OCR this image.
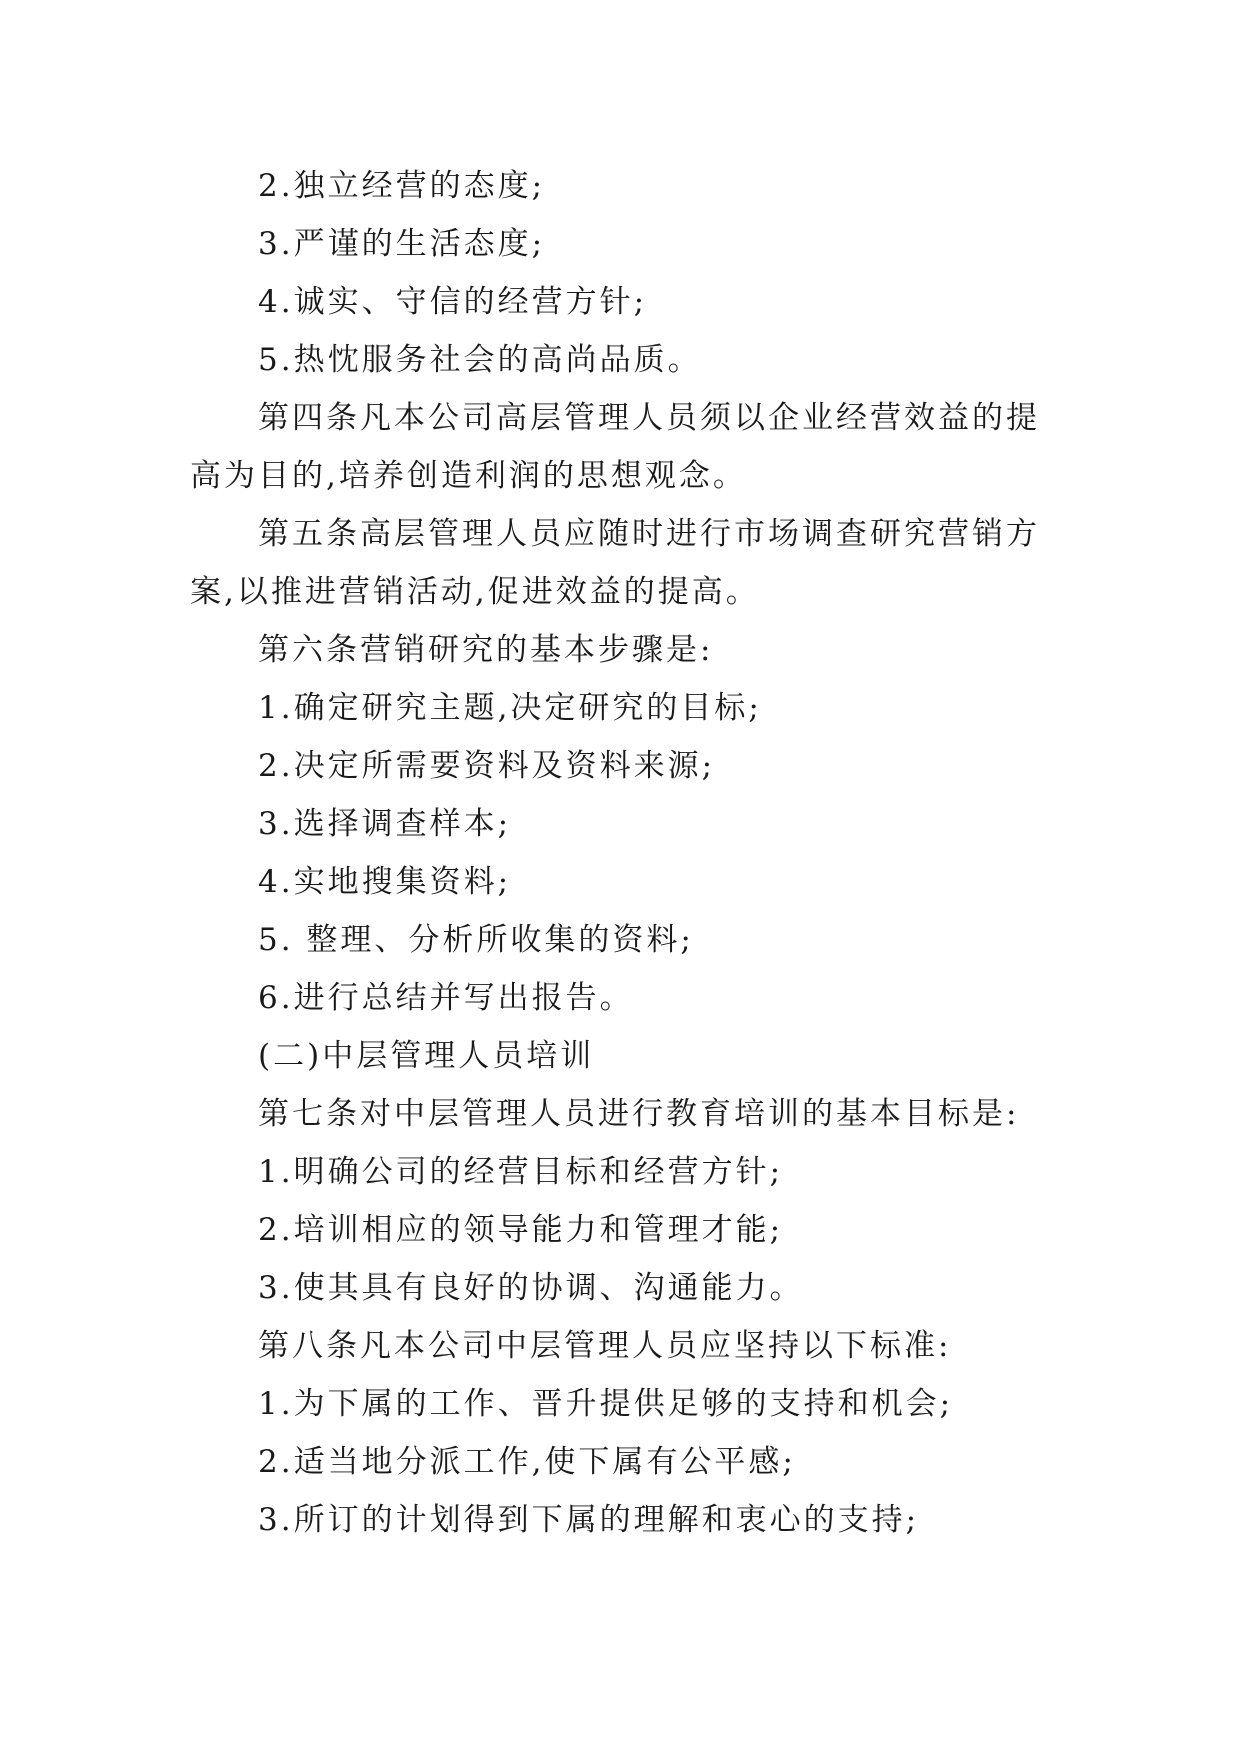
2.独立经营的态度;
3.严谨的生活态度;
4.诚实、守信的经营方针;
5.热忱服务社会的高尚品质。
第四条凡本公司高层管理人员须以企业经营效益的提
高为目的,培养创造利润的思想观念。
第五条高层管理人员应随时进行市场调查研究营销方
案,以推进营销活动,促进效益的提高。
第六条营销研究的基本步骤是:
1.确定研究主题,决定研究的目标;
2.决定所需要资料及资料来源;
3.选择调查样本;
4.实地搜集资料;
5. 整理、分析所收集的资料;
6.进行总结并写出报告。
(二)中层管理人员培训
第七条对中层管理人员进行教育培训的基本目标是:
1.明确公司的经营目标和经营方针;
2.培训相应的领导能力和管理才能;
3.使其具有良好的协调、沟通能力。
第八条凡本公司中层管理人员应坚持以下标准:
1.为下属的工作、晋升提供足够的支持和机会;
2.适当地分派工作,使下属有公平感;
3.所订的计划得到下属的理解和衷心的支持;
